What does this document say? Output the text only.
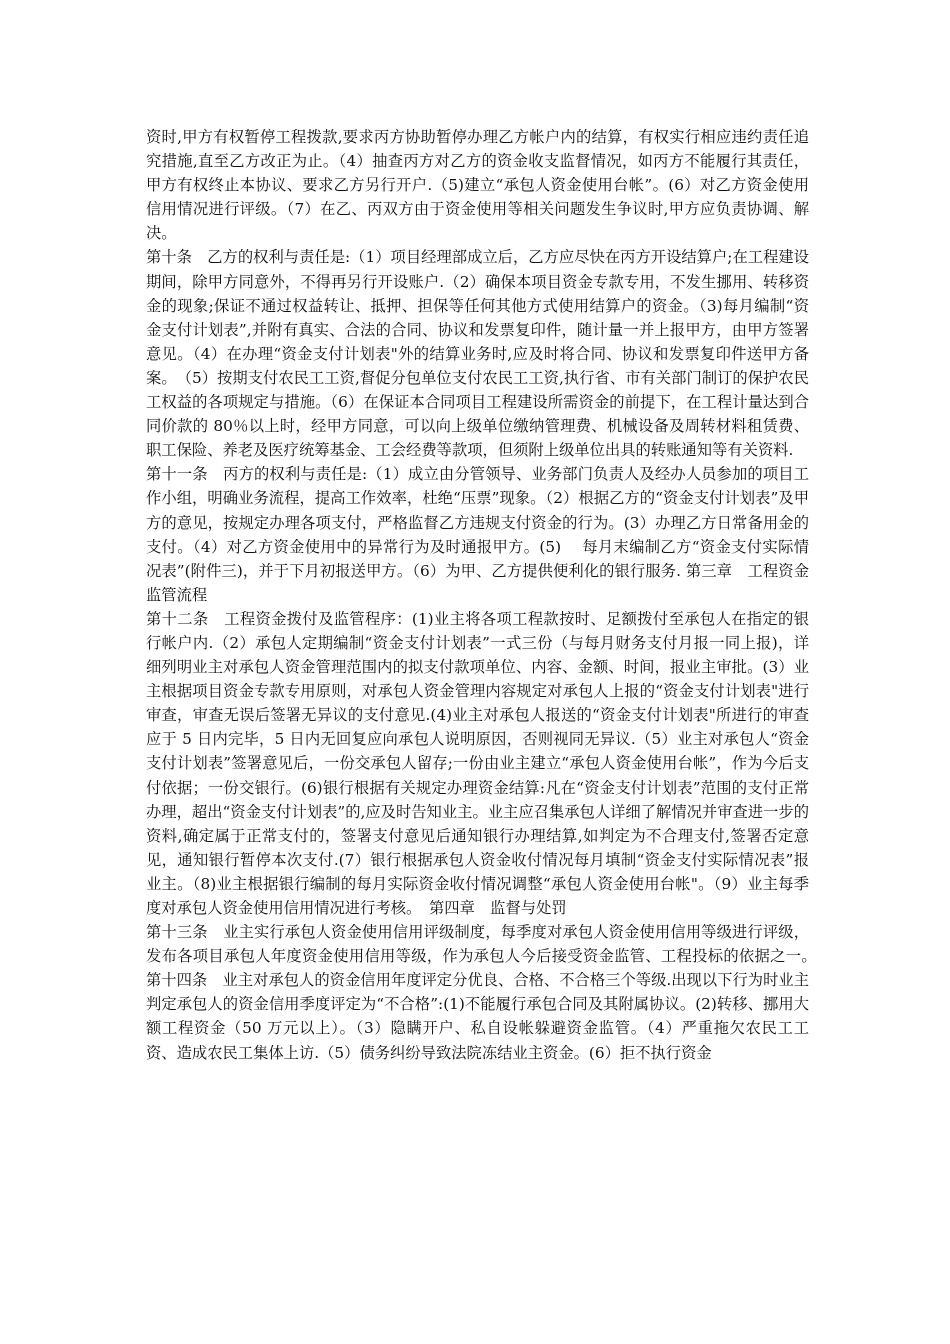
资时,甲方有权暂停工程拨款,要求丙方协助暂停办理乙方帐户内的结算，有权实行相应违约责任追究措施,直至乙方改正为止。（4）抽查丙方对乙方的资金收支监督情况，如丙方不能履行其责任，甲方有权终止本协议、要求乙方另行开户.（5)建立“承包人资金使用台帐”。(6）对乙方资金使用信用情况进行评级。（7）在乙、丙双方由于资金使用等相关问题发生争议时,甲方应负责协调、解决。

第十条　乙方的权利与责任是:（1）项目经理部成立后，乙方应尽快在丙方开设结算户;在工程建设期间，除甲方同意外，不得再另行开设账户.（2）确保本项目资金专款专用，不发生挪用、转移资金的现象;保证不通过权益转让、抵押、担保等任何其他方式使用结算户的资金。（3)每月编制“资金支付计划表”,并附有真实、合法的合同、协议和发票复印件，随计量一并上报甲方，由甲方签署意见。（4）在办理“资金支付计划表"外的结算业务时,应及时将合同、协议和发票复印件送甲方备案。　（5）按期支付农民工工资,督促分包单位支付农民工工资,执行省、市有关部门制订的保护农民工权益的各项规定与措施。（6）在保证本合同项目工程建设所需资金的前提下，在工程计量达到合同价款的 80％以上时，经甲方同意，可以向上级单位缴纳管理费、机械设备及周转材料租赁费、职工保险、养老及医疗统筹基金、工会经费等款项，但须附上级单位出具的转账通知等有关资料.

第十一条　丙方的权利与责任是:（1）成立由分管领导、业务部门负责人及经办人员参加的项目工作小组，明确业务流程，提高工作效率，杜绝“压票”现象。（2）根据乙方的“资金支付计划表”及甲方的意见，按规定办理各项支付，严格监督乙方违规支付资金的行为。(3）办理乙方日常备用金的支付。（4）对乙方资金使用中的异常行为及时通报甲方。(5)　 每月末编制乙方“资金支付实际情况表”(附件三)，并于下月初报送甲方。（6）为甲、乙方提供便利化的银行服务. 第三章　工程资金监管流程

第十二条　工程资金拨付及监管程序：(1)业主将各项工程款按时、足额拨付至承包人在指定的银行帐户内.（2）承包人定期编制“资金支付计划表”一式三份（与每月财务支付月报一同上报)，详细列明业主对承包人资金管理范围内的拟支付款项单位、内容、金额、时间，报业主审批。(3）业主根据项目资金专款专用原则，对承包人资金管理内容规定对承包人上报的“资金支付计划表"进行审查，审查无误后签署无异议的支付意见.(4)业主对承包人报送的“资金支付计划表"所进行的审查应于 5 日内完毕，5 日内无回复应向承包人说明原因，否则视同无异议.（5）业主对承包人“资金支付计划表”签署意见后，一份交承包人留存;一份由业主建立“承包人资金使用台帐”，作为今后支付依据；一份交银行。(6)银行根据有关规定办理资金结算:凡在“资金支付计划表”范围的支付正常办理，超出“资金支付计划表”的,应及时告知业主。业主应召集承包人详细了解情况并审查进一步的资料,确定属于正常支付的，签署支付意见后通知银行办理结算,如判定为不合理支付,签署否定意见，通知银行暂停本次支付.(7）银行根据承包人资金收付情况每月填制“资金支付实际情况表”报业主。（8)业主根据银行编制的每月实际资金收付情况调整“承包人资金使用台帐"。（9）业主每季度对承包人资金使用信用情况进行考核。　第四章　监督与处罚

第十三条　业主实行承包人资金使用信用评级制度，每季度对承包人资金使用信用等级进行评级，发布各项目承包人年度资金使用信用等级，作为承包人今后接受资金监管、工程投标的依据之一。　第十四条　业主对承包人的资金信用年度评定分优良、合格、不合格三个等级.出现以下行为时业主判定承包人的资金信用季度评定为“不合格”:(1)不能履行承包合同及其附属协议。(2)转移、挪用大额工程资金（50 万元以上）。（3）隐瞒开户、私自设帐躲避资金监管。（4）严重拖欠农民工工资、造成农民工集体上访.（5）债务纠纷导致法院冻结业主资金。(6）拒不执行资金
